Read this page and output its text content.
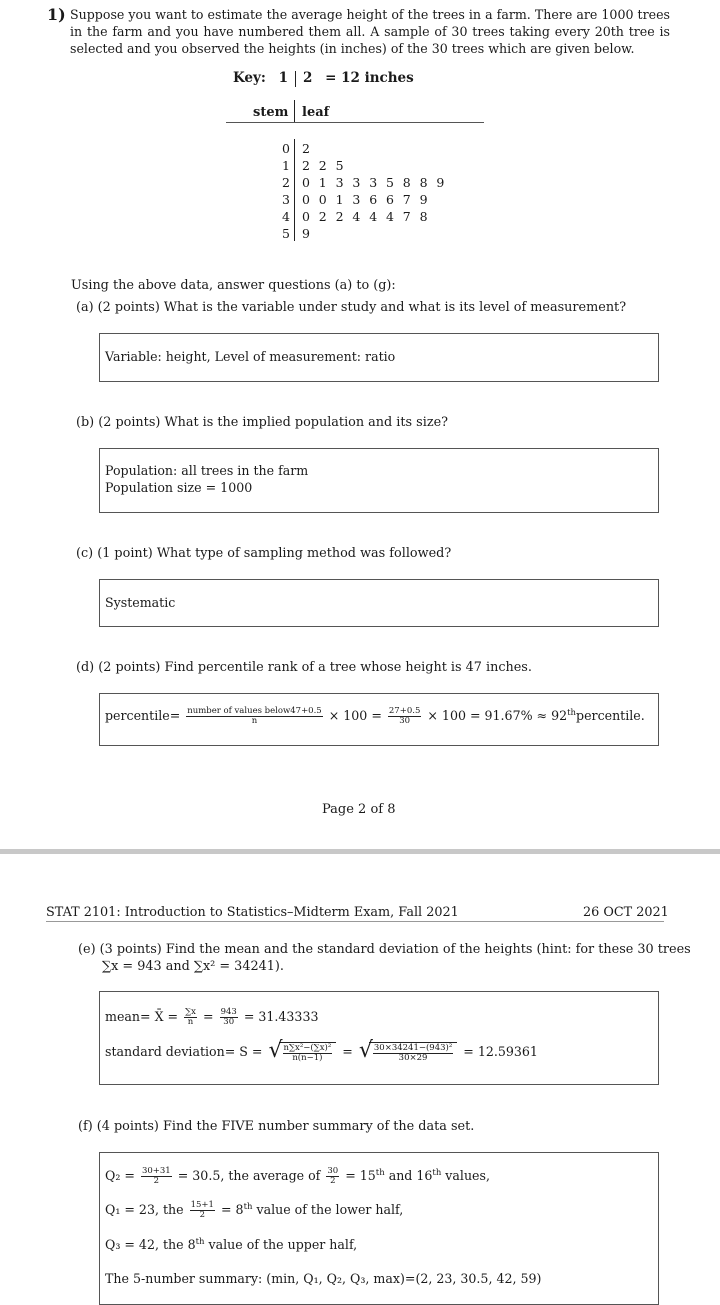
1) Suppose you want to estimate the average height of the trees in a farm. There are 1000 trees in the farm and you have numbered them all. A sample of 30 trees taking every 20th tree is selected and you observed the heights (in inches) of the 30 trees which are given below.
Key: 1 2 = 12 inches
stem leaf
0 2
1 2 2 5
2 0 1 3 3 3 5 8 8 9
3 0 0 1 3 6 6 7 9
4 0 2 2 4 4 4 7 8
5 9
Using the above data, answer questions (a) to (g):
(a) (2 points) What is the variable under study and what is its level of measurement?
Variable: height, Level of measurement: ratio
(b) (2 points) What is the implied population and its size?
Population: all trees in the farm
Population size = 1000
(c) (1 point) What type of sampling method was followed?
Systematic
(d) (2 points) Find percentile rank of a tree whose height is 47 inches.
percentile= $\frac{\text{number of values below47+0.5}}{n} \times 100 = \frac{27+0.5}{30} \times 100 = 91.67\%$ ≈ 92thpercentile.
Page 2 of 8
STAT 2101: Introduction to Statistics–Midterm Exam, Fall 2021	26 OCT 2021
(e) (3 points) Find the mean and the standard deviation of the heights (hint: for these 30 trees
∑x = 943 and ∑x² = 34241).
mean= X̄ = $\frac{\sum x}{n} = \frac{943}{30} = 31.43333$
standard deviation= S = √ $\frac{\text{n∑x²−(∑x)²}}{n(n-1)}$ = √ $\frac{\text{30×34241−(943)²}}{30\times 29} = 12.59361$
(f) (4 points) Find the FIVE number summary of the data set.
$Q_2 = \frac{30+31}{2} = 30.5$, the average of $\frac{30}{2} = 15th$ and 16th values,
Q₁ = 23, the $\frac{15+1}{2} = 8th$ value of the lower half,
Q₃ = 42, the 8th value of the upper half,
The 5-number summary: (min, Q₁, Q₂, Q₃, max)=(2, 23, 30.5, 42, 59)
